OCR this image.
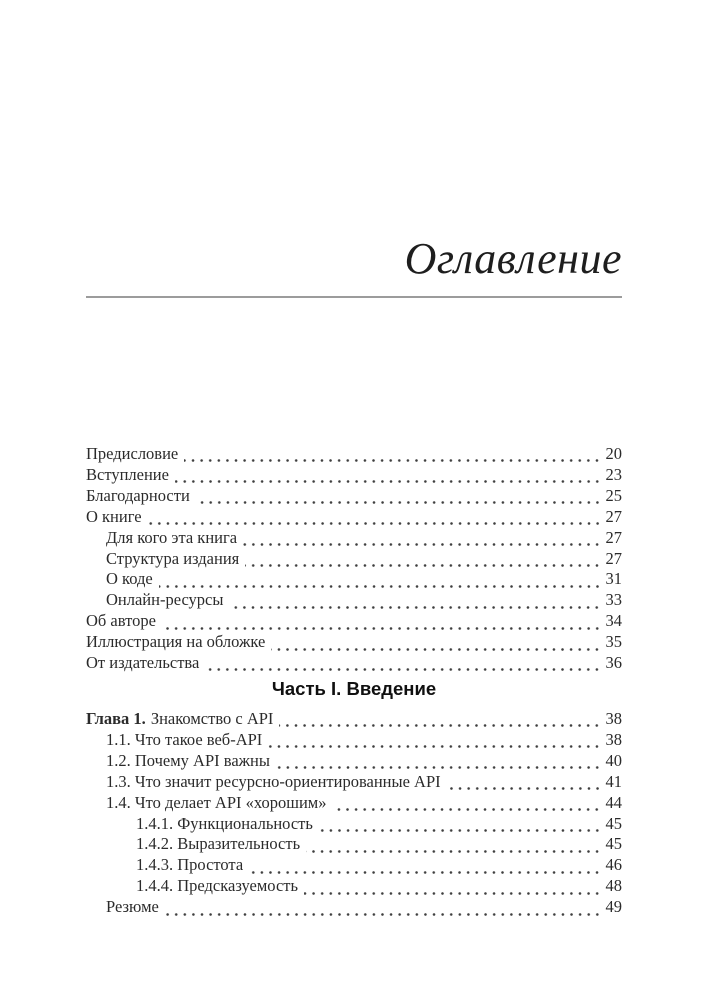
Оглавление
Предисловие	20
Вступление	23
Благодарности	25
О книге	27
Для кого эта книга	27
Структура издания	27
О коде	31
Онлайн-ресурсы	33
Об авторе	34
Иллюстрация на обложке	35
От издательства	36
Часть I. Введение
Глава 1. Знакомство с API	38
1.1. Что такое веб-API	38
1.2. Почему API важны	40
1.3. Что значит ресурсно-ориентированные API	41
1.4. Что делает API «хорошим»	44
1.4.1. Функциональность	45
1.4.2. Выразительность	45
1.4.3. Простота	46
1.4.4. Предсказуемость	48
Резюме	49
